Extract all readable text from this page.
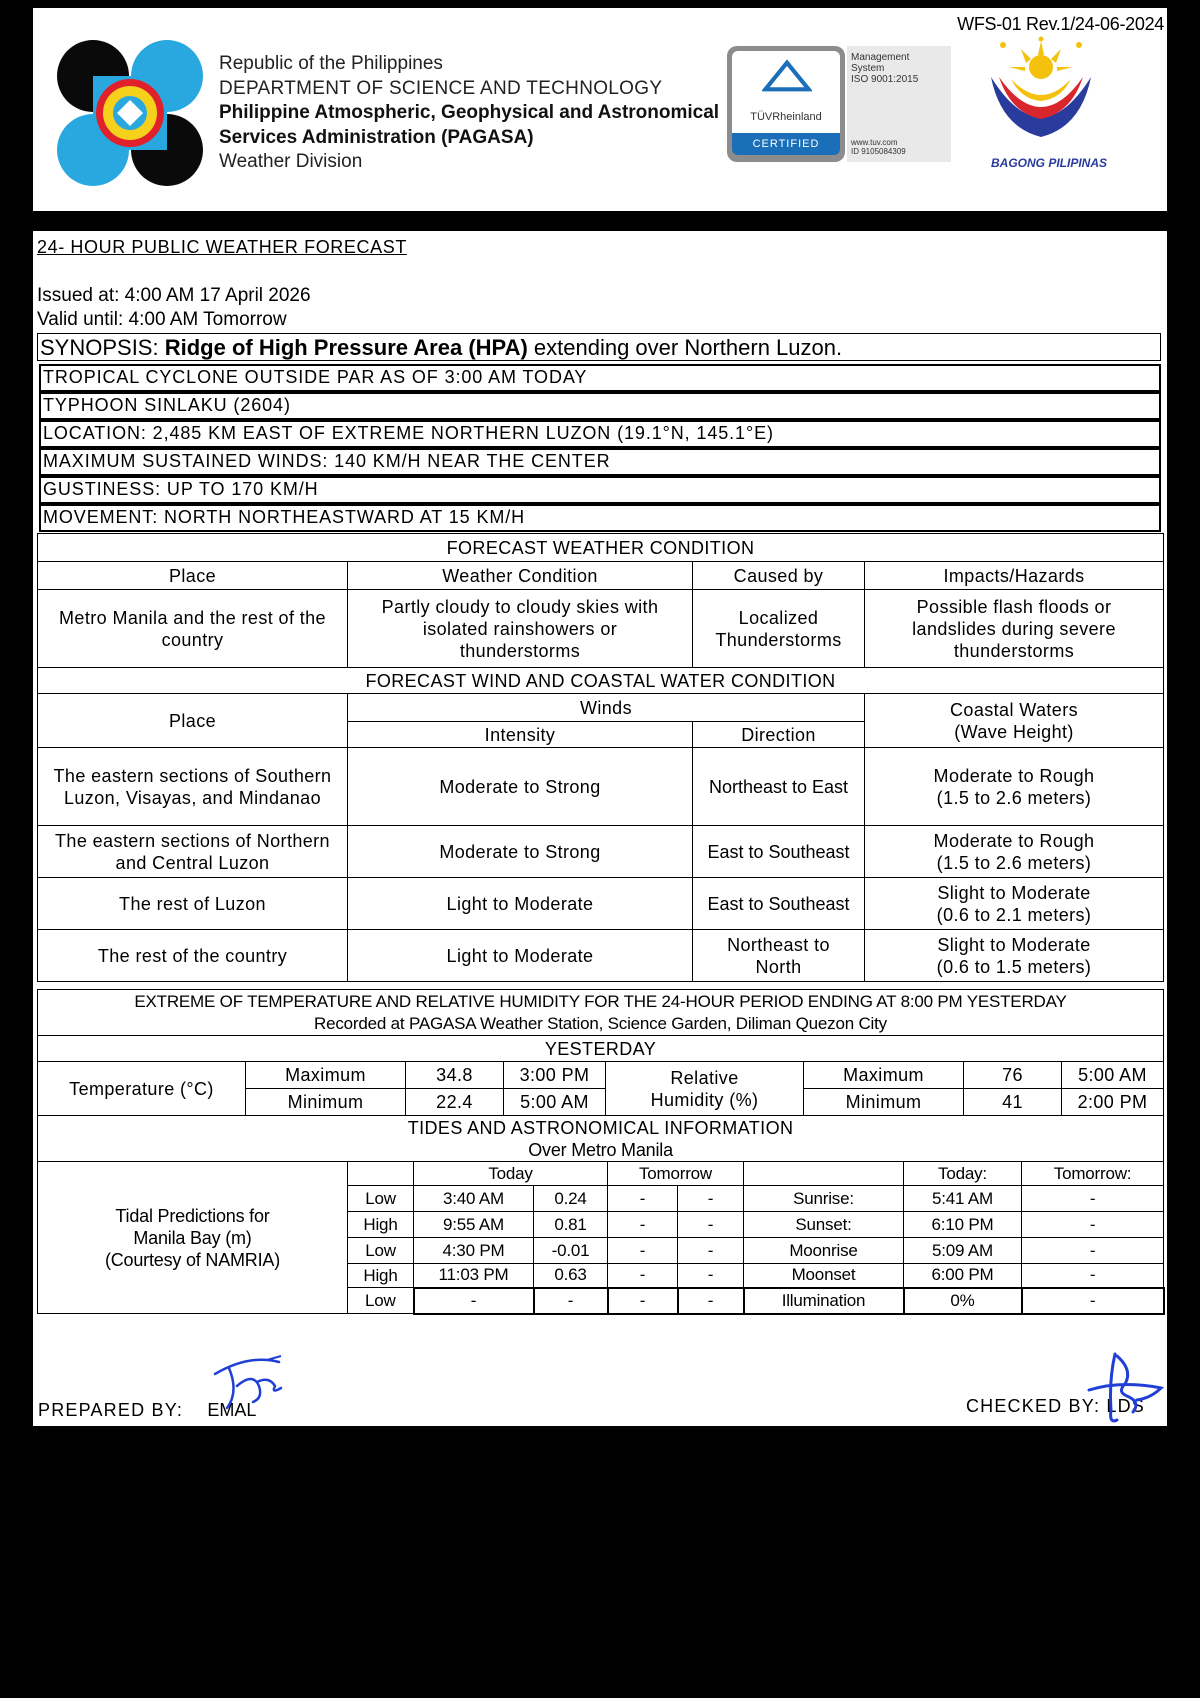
WFS-01 Rev.1/24-06-2024
Republic of the Philippines
DEPARTMENT OF SCIENCE AND TECHNOLOGY
Philippine Atmospheric, Geophysical and Astronomical
Services Administration (PAGASA)
Weather Division
TÜVRheinland
CERTIFIED
Management
System
ISO 9001:2015
www.tuv.com
ID 9105084309
BAGONG PILIPINAS
24- HOUR PUBLIC WEATHER FORECAST
Issued at: 4:00 AM 17 April 2026
Valid until: 4:00 AM Tomorrow
SYNOPSIS: Ridge of High Pressure Area (HPA) extending over Northern Luzon.
TROPICAL CYCLONE OUTSIDE PAR AS OF 3:00 AM TODAY
TYPHOON SINLAKU (2604)
LOCATION: 2,485 KM EAST OF EXTREME NORTHERN LUZON (19.1°N, 145.1°E)
MAXIMUM SUSTAINED WINDS: 140 KM/H NEAR THE CENTER
GUSTINESS: UP TO 170 KM/H
MOVEMENT: NORTH NORTHEASTWARD AT 15 KM/H
FORECAST WEATHER CONDITION			
Place	Weather Condition	Caused by	Impacts/Hazards
Metro Manila and the rest of the country	Partly cloudy to cloudy skies with isolated rainshowers or thunderstorms	Localized Thunderstorms	Possible flash floods or landslides during severe thunderstorms
FORECAST WIND AND COASTAL WATER CONDITION			
Place	Winds		Coastal Waters (Wave Height)
	Intensity	Direction	
The eastern sections of Southern Luzon, Visayas, and Mindanao	Moderate to Strong	Northeast to East	Moderate to Rough
(1.5 to 2.6 meters)

The eastern sections of Northern and Central Luzon	Moderate to Strong	East to Southeast	Moderate to Rough
(1.5 to 2.6 meters)

The rest of Luzon	Light to Moderate	East to Southeast	Slight to Moderate
(0.6 to 2.1 meters)

The rest of the country	Light to Moderate	Northeast to North	Slight to Moderate
(0.6 to 1.5 meters)
EXTREME OF TEMPERATURE AND RELATIVE HUMIDITY FOR THE 24-HOUR PERIOD ENDING AT 8:00 PM YESTERDAY
Recorded at PAGASA Weather Station, Science Garden, Diliman Quezon City							

YESTERDAY							
Temperature (°C)	Maximum	34.8	3:00 PM	Relative Humidity (%)	Maximum	76	5:00 AM
	Minimum	22.4	5:00 AM		Minimum	41	2:00 PM
TIDES AND ASTRONOMICAL INFORMATION
Over Metro Manila								

Tidal Predictions for Manila Bay (m) (Courtesy of NAMRIA)		Today		Tomorrow			Today:	Tomorrow:
	Low	3:40 AM	0.24	-	-	Sunrise:	5:41 AM	-
	High	9:55 AM	0.81	-	-	Sunset:	6:10 PM	-
	Low	4:30 PM	-0.01	-	-	Moonrise	5:09 AM	-
	High	11:03 PM	0.63	-	-	Moonset	6:00 PM	-
	Low	-	-	-	-	Illumination	0%	-
PREPARED BY: EMAL	CHECKED BY: LDS
